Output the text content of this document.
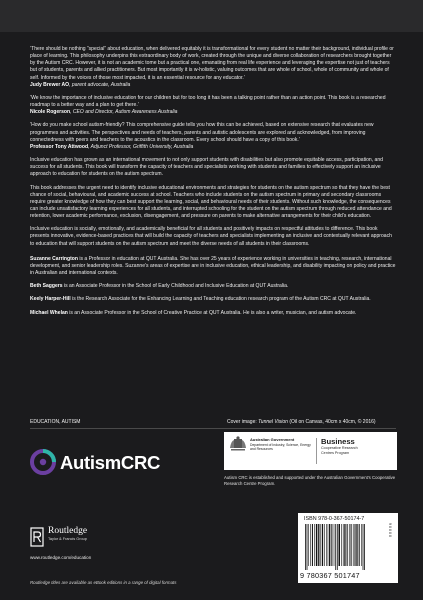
‘There should be nothing “special” about education, when delivered equitably it is transformational for every student no matter their background, individual profile or place of learning. This philosophy underpins this extraordinary body of work, created through the unique and diverse collaboration of researchers brought together by the Autism CRC. However, it is not an academic tome but a practical one, emanating from real life experience and leveraging the expertise not just of teachers but of students, parents and allied practitioners. But most importantly it is w-holistic, valuing outcomes that are whole of school, whole of community and whole of self. Informed by the voices of those most impacted, it is an essential resource for any educator.’
Judy Brewer AO, parent advocate, Australia
‘We know the importance of inclusive education for our children but for too long it has been a talking point rather than an action point. This book is a researched roadmap to a better way and a plan to get there.’
Nicole Rogerson, CEO and Director, Autism Awareness Australia
‘How do you make school autism-friendly? This comprehensive guide tells you how this can be achieved, based on extensive research that evaluates new programmes and activities. The perspectives and needs of teachers, parents and autistic adolescents are explored and acknowledged, from improving connectedness with peers and teachers to the acoustics in the classroom. Every school should have a copy of this book.’
Professor Tony Attwood, Adjunct Professor, Griffith University, Australia

Inclusive education has grown as an international movement to not only support students with disabilities but also promote equitable access, participation, and success for all students. This book will transform the capacity of teachers and specialists working with students and families to effectively support an inclusive approach to education for students on the autism spectrum.

This book addresses the urgent need to identify inclusive educational environments and strategies for students on the autism spectrum so that they have the best chance of social, behavioural, and academic success at school. Teachers who include students on the autism spectrum in primary and secondary classrooms require greater knowledge of how they can best support the learning, social, and behavioural needs of their students. Without such knowledge, the consequences can include unsatisfactory learning experiences for all students, and interrupted schooling for the student on the autism spectrum through reduced attendance and retention, lower academic performance, exclusion, disengagement, and pressure on parents to make alternative arrangements for their child’s education.

Inclusive education is socially, emotionally, and academically beneficial for all students and positively impacts on respectful attitudes to difference. This book presents innovative, evidence-based practices that will build the capacity of teachers and specialists implementing an inclusive and contextually relevant approach to education that will support students on the autism spectrum and meet the diverse needs of all students in their classrooms.

Suzanne Carrington is a Professor in education at QUT Australia. She has over 25 years of experience working in universities in teaching, research, international development, and senior leadership roles. Suzanne’s areas of expertise are in inclusive education, ethical leadership, and disability impacting on policy and practice in Australian and international contexts.

Beth Saggers is an Associate Professor in the School of Early Childhood and Inclusive Education at QUT Australia.

Keely Harper-Hill is the Research Associate for the Enhancing Learning and Teaching education research program of the Autism CRC at QUT Australia.

Michael Whelan is an Associate Professor in the School of Creative Practice at QUT Australia. He is also a writer, musician, and autism advocate.

EDUCATION, AUTISM	Cover image: Tunnel Vision (Oil on Canvas, 40cm x 40cm, © 2016)
AutismCRC
Australian Government
Department of Industry, Science, Energy and Resources
Business
Cooperative Research
Centres Program
Autism CRC is established and supported under the Australian Government’s Cooperative Research Centre Program.
Routledge
Taylor & Francis Group
www.routledge.com/education
Routledge titles are available as eBook editions in a range of digital formats
ISBN 978-0-367-50174-7
9 780367 501747
9 0 0 0 0
